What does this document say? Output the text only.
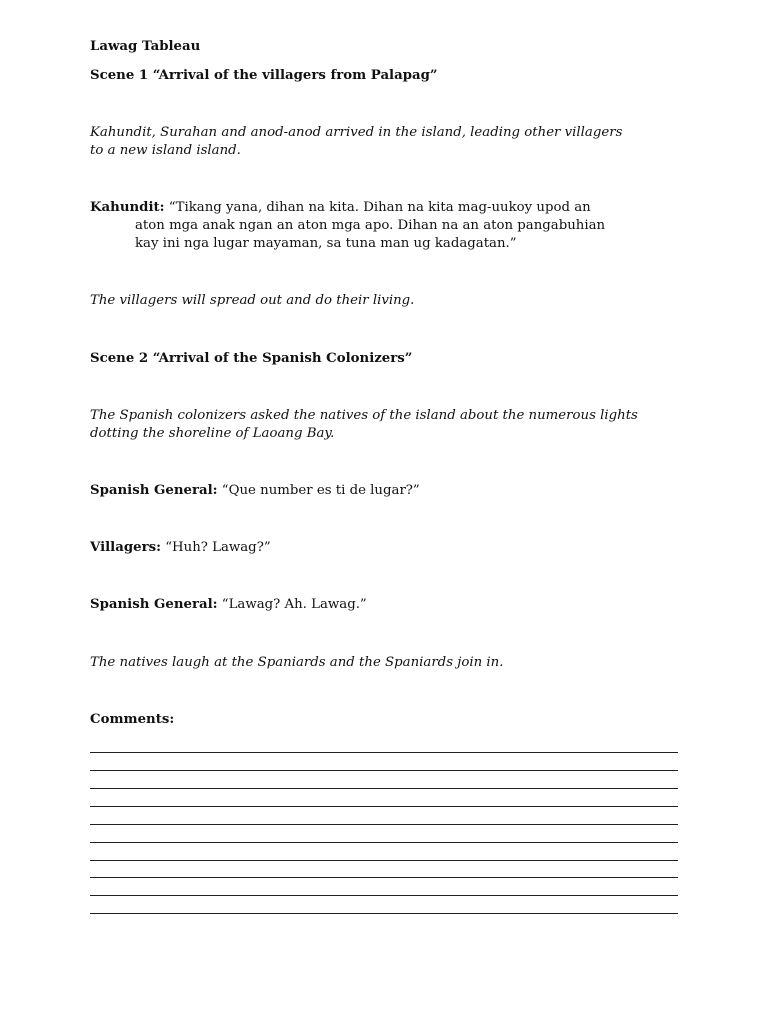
Lawag Tableau
Scene 1 “Arrival of the villagers from Palapag”
Kahundit, Surahan and anod-anod arrived in the island, leading other villagers
to a new island island.
Kahundit: “Tikang yana, dihan na kita. Dihan na kita mag-uukoy upod an
aton mga anak ngan an aton mga apo. Dihan na an aton pangabuhian
kay ini nga lugar mayaman, sa tuna man ug kadagatan.”
The villagers will spread out and do their living.
Scene 2 “Arrival of the Spanish Colonizers”
The Spanish colonizers asked the natives of the island about the numerous lights
dotting the shoreline of Laoang Bay.
Spanish General: “Que number es ti de lugar?”
Villagers: “Huh? Lawag?”
Spanish General: “Lawag? Ah. Lawag.”
The natives laugh at the Spaniards and the Spaniards join in.
Comments:
